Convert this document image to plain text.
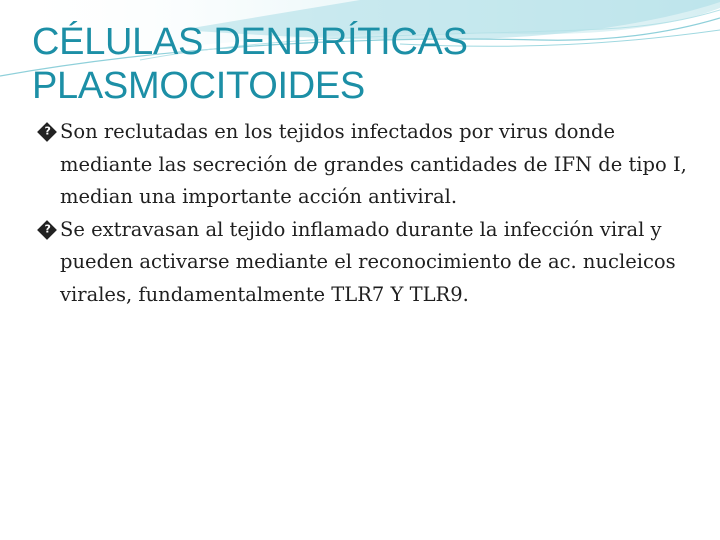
CÉLULAS DENDRÍTICAS
PLASMOCITOIDES
?
Son reclutadas en los tejidos infectados por virus donde mediante las secreción de grandes cantidades de IFN de tipo I, median una importante acción antiviral.
?
Se extravasan al tejido inflamado durante la infección viral y pueden activarse mediante el reconocimiento de ac. nucleicos virales, fundamentalmente TLR7 Y TLR9.
